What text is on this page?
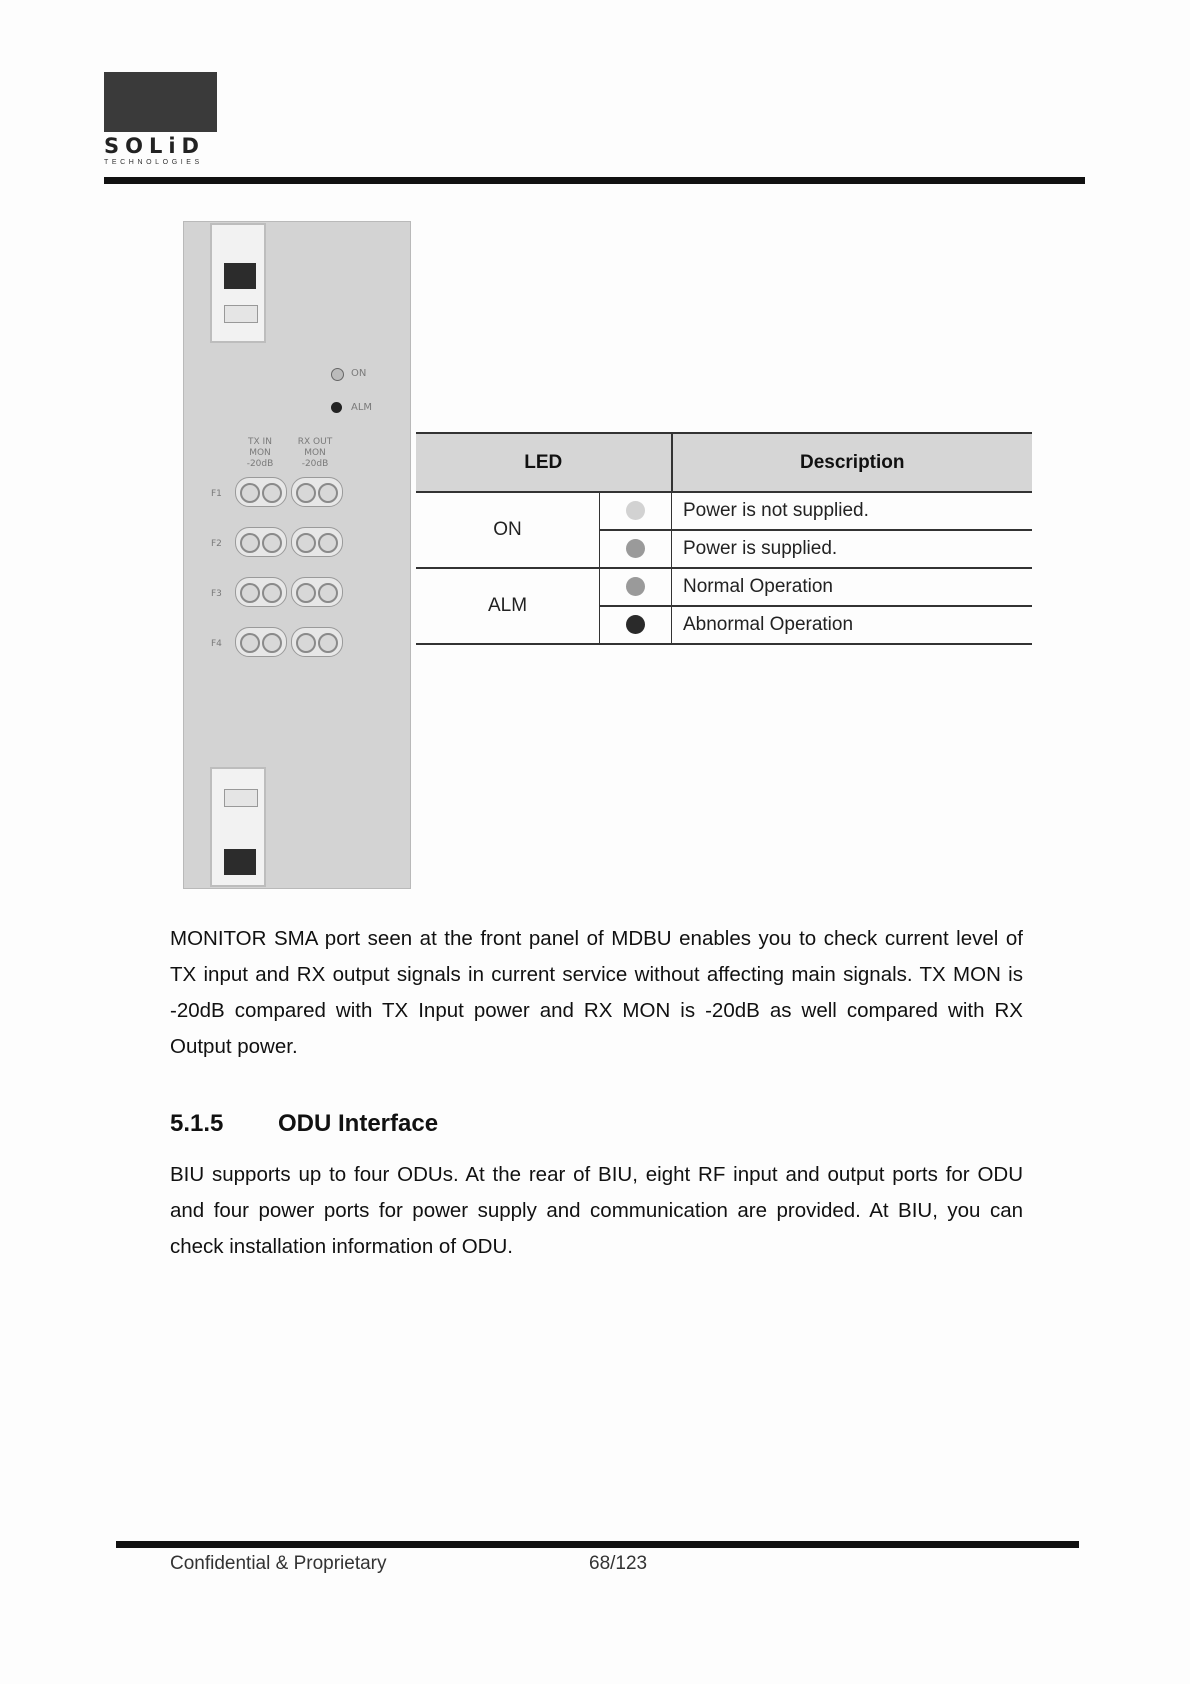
SOLiD
TECHNOLOGIES
ON
ALM
TX IN MON -20dB
RX OUT MON -20dB
F1
F2
F3
F4
LED		Description
ON		Power is not supplied.
		Power is supplied.
ALM		Normal Operation
		Abnormal Operation

MONITOR SMA port seen at the front panel of MDBU enables you to check current level of TX input and RX output signals in current service without affecting main signals. TX MON is -20dB compared with TX Input power and RX MON is -20dB as well compared with RX Output power.

5.1.5 ODU Interface

BIU supports up to four ODUs. At the rear of BIU, eight RF input and output ports for ODU and four power ports for power supply and communication are provided. At BIU, you can check installation information of ODU.

Confidential & Proprietary	68/123
